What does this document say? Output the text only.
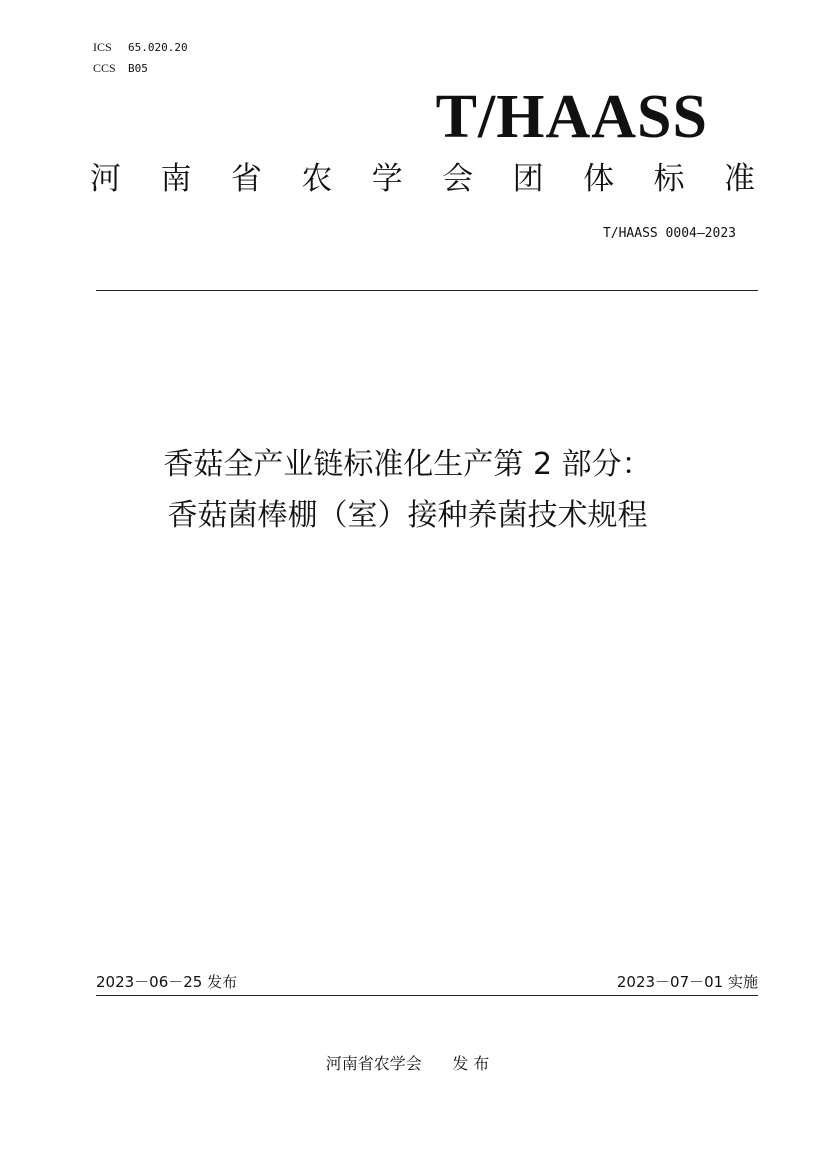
ICS 65.020.20
CCS B05
T/HAASS
河 南 省 农 学 会 团 体 标 准
T/HAASS 0004—2023
香菇全产业链标准化生产第 2 部分：
香菇菌棒棚（室）接种养菌技术规程
2023－06－25 发布	2023－07－01 实施
河南省农学会 发 布
